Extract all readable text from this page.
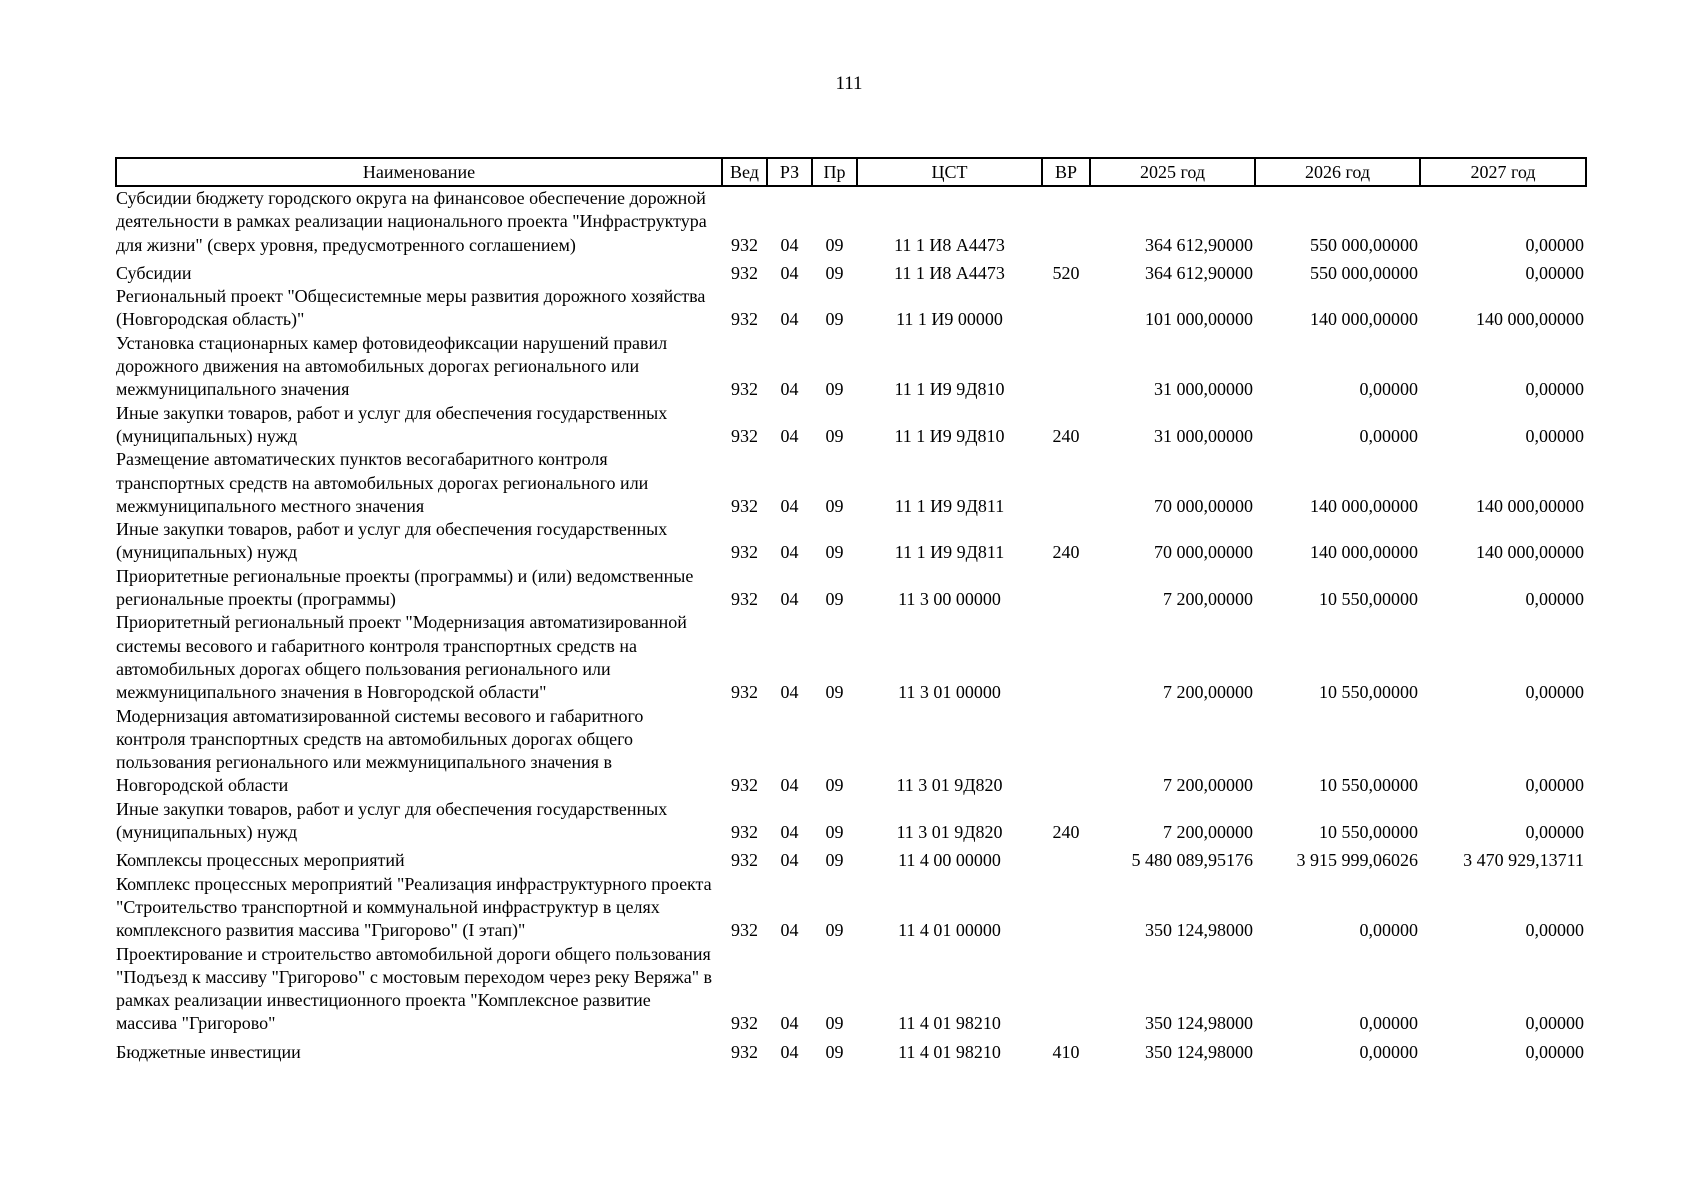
111
Наименование	Вед	РЗ	Пр	ЦСТ	ВР	2025 год	2026 год	2027 год
Субсидии бюджету городского округа на финансовое обеспечение дорожной деятельности в рамках реализации национального проекта "Инфраструктура для жизни" (сверх уровня, предусмотренного соглашением)	932	04	09	11 1 И8 А4473		364 612,90000	550 000,00000	0,00000
Субсидии	932	04	09	11 1 И8 А4473	520	364 612,90000	550 000,00000	0,00000
Региональный проект "Общесистемные меры развития дорожного хозяйства (Новгородская область)"	932	04	09	11 1 И9 00000		101 000,00000	140 000,00000	140 000,00000
Установка стационарных камер фотовидеофиксации нарушений правил дорожного движения на автомобильных дорогах регионального или межмуниципального значения	932	04	09	11 1 И9 9Д810		31 000,00000	0,00000	0,00000
Иные закупки товаров, работ и услуг для обеспечения государственных (муниципальных) нужд	932	04	09	11 1 И9 9Д810	240	31 000,00000	0,00000	0,00000
Размещение автоматических пунктов весогабаритного контроля транспортных средств на автомобильных дорогах регионального или межмуниципального местного значения	932	04	09	11 1 И9 9Д811		70 000,00000	140 000,00000	140 000,00000
Иные закупки товаров, работ и услуг для обеспечения государственных (муниципальных) нужд	932	04	09	11 1 И9 9Д811	240	70 000,00000	140 000,00000	140 000,00000
Приоритетные региональные проекты (программы) и (или) ведомственные региональные проекты (программы)	932	04	09	11 3 00 00000		7 200,00000	10 550,00000	0,00000
Приоритетный региональный проект "Модернизация автоматизированной системы весового и габаритного контроля транспортных средств на автомобильных дорогах общего пользования регионального или межмуниципального значения в Новгородской области"	932	04	09	11 3 01 00000		7 200,00000	10 550,00000	0,00000
Модернизация автоматизированной системы весового и габаритного контроля транспортных средств на автомобильных дорогах общего пользования регионального или межмуниципального значения в Новгородской области	932	04	09	11 3 01 9Д820		7 200,00000	10 550,00000	0,00000
Иные закупки товаров, работ и услуг для обеспечения государственных (муниципальных) нужд	932	04	09	11 3 01 9Д820	240	7 200,00000	10 550,00000	0,00000
Комплексы процессных мероприятий	932	04	09	11 4 00 00000		5 480 089,95176	3 915 999,06026	3 470 929,13711
Комплекс процессных мероприятий "Реализация инфраструктурного проекта "Строительство транспортной и коммунальной инфраструктур в целях комплексного развития массива "Григорово" (I этап)"	932	04	09	11 4 01 00000		350 124,98000	0,00000	0,00000
Проектирование и строительство автомобильной дороги общего пользования "Подъезд к массиву "Григорово" с мостовым переходом через реку Веряжа" в рамках реализации инвестиционного проекта "Комплексное развитие массива "Григорово"	932	04	09	11 4 01 98210		350 124,98000	0,00000	0,00000
Бюджетные инвестиции	932	04	09	11 4 01 98210	410	350 124,98000	0,00000	0,00000
